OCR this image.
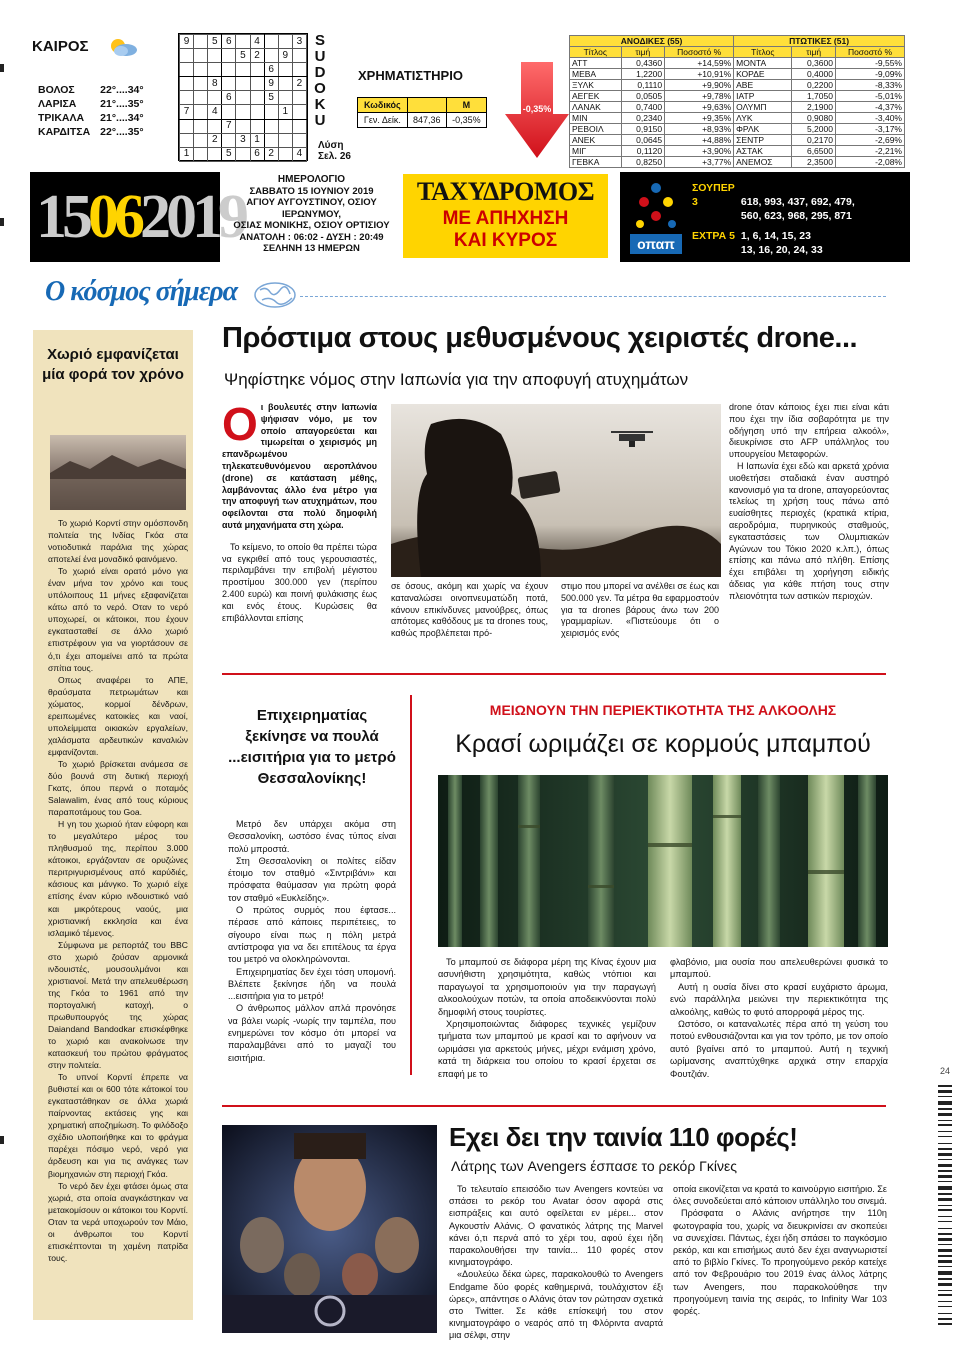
ΚΑΙΡΟΣ
ΒΟΛΟΣ	22°....34°
ΛΑΡΙΣΑ	21°....35°
ΤΡΙΚΑΛΑ	21°....34°
ΚΑΡΔΙΤΣΑ	22°....35°
9		5	6		4			3
				5	2		9	
						6		
		8				9		2
			6			5		
7		4					1	
			7					
		2		3	1			
1			5		6	2		4
S
U
D
O
K
U
Λύση
Σελ. 26
ΧΡΗΜΑΤΙΣΤΗΡΙΟ
Κωδικός		M
Γεν. Δείκ.	847,36	-0,35%
-0,35%
ΑΝΟΔΙΚΕΣ (55)			ΠΤΩΤΙΚΕΣ (51)		
Τίτλος	τιμή	Ποσοστό %	Τίτλος	τιμή	Ποσοστό %
ATT	0,4360	+14,59%	ΜΟΝΤΑ	0,3600	-9,55%
ΜΕΒΑ	1,2200	+10,91%	ΚΟΡΔΕ	0,4000	-9,09%
ΞΥΛΚ	0,1110	+9,90%	ΑΒΕ	0,2200	-8,33%
ΑΕΓΕΚ	0,0505	+9,78%	ΙΑΤΡ	1,7050	-5,01%
ΛΑΝΑΚ	0,7400	+9,63%	ΟΛΥΜΠ	2,1900	-4,37%
ΜΙΝ	0,2340	+9,35%	ΛΥΚ	0,9080	-3,40%
ΡΕΒΟΙΛ	0,9150	+8,93%	ΦΡΛΚ	5,2000	-3,17%
ΑΝΕΚ	0,0645	+4,88%	ΣΕΝΤΡ	0,2170	-2,69%
ΜΙΓ	0,1120	+3,90%	ΑΣΤΑΚ	6,6500	-2,21%
ΓΕΒΚΑ	0,8250	+3,77%	ΑΝΕΜΟΣ	2,3500	-2,08%
15062019
ΗΜΕΡΟΛΟΓΙΟ
ΣΑΒΒΑΤΟ 15 ΙΟΥΝΙΟΥ 2019
ΑΓΙΟΥ ΑΥΓΟΥΣΤΙΝΟΥ, ΟΣΙΟΥ ΙΕΡΩΝΥΜΟΥ,
ΟΣΙΑΣ ΜΟΝΙΚΗΣ, ΟΣΙΟΥ ΟΡΤΙΣΙΟΥ
ΑΝΑΤΟΛΗ : 06:02 - ΔΥΣΗ : 20:49
ΣΕΛΗΝΗ 13 ΗΜΕΡΩΝ
ΤΑΧΥΔΡΟΜΟΣ
ΜΕ ΑΠΗΧΗΣΗ
ΚΑΙ ΚΥΡΟΣ	οπαπ
ΣΟΥΠΕΡ 3	618, 993, 437, 692, 479,
560, 623, 968, 295, 871
ΕΧΤΡΑ 5 1, 6, 14, 15, 23
13, 16, 20, 24, 33
Ο κόσμος σήμερα
Χωριό εμφανίζεται μία φορά τον χρόνο

Το χωριό Κορντί στην ομόσπονδη πολιτεία της Ινδίας Γκόα στα νοτιοδυτικά παράλια της χώρας αποτελεί ένα μοναδικό φαινόμενο.

Το χωριό είναι ορατό μόνο για έναν μήνα τον χρόνο και τους υπόλοιπους 11 μήνες εξαφανίζεται κάτω από το νερό. Οταν το νερό υποχωρεί, οι κάτοικοι, που έχουν εγκατασταθεί σε άλλο χωριό επιστρέφουν για να γιορτάσουν σε ό,τι έχει απομείνει από τα πρώτα σπίτια τους.

Οπως αναφέρει το ΑΠΕ, θραύσματα πετρωμάτων και χώματος, κορμοί δένδρων, ερειπωμένες κατοικίες και ναοί, υπολείμματα οικιακών εργαλείων, χαλάσματα αρδευτικών καναλιών εμφανίζονται.

Το χωριό βρίσκεται ανάμεσα σε δύο βουνά στη δυτική περιοχή Γκατς, όπου περνά ο ποταμός Salawalim, ένας από τους κύριους παραποτάμους του Goa.

Η γη του χωριού ήταν εύφορη και το μεγαλύτερο μέρος του πληθυσμού της, περίπου 3.000 κάτοικοι, εργάζονταν σε ορυζώνες περιτριγυρισμένους από καρύδιές, κάσιους και μάνγκο. Το χωριό είχε επίσης έναν κύριο ινδουιστικό ναό και μικρότερους ναούς, μια χριστιανική εκκλησία και ένα ισλαμικό τέμενος.

Σύμφωνα με ρεπορτάζ του BBC στο χωριό ζούσαν αρμονικά ινδουιστές, μουσουλμάνοι και χριστιανοί. Μετά την απελευθέρωση της Γκόα το 1961 από την πορτογαλική κατοχή, ο πρωθυπουργός της χώρας Daiandand Bandodkar επισκέφθηκε το χωριό και ανακοίνωσε την κατασκευή του πρώτου φράγματος στην πολιτεία.

Το υπνοί Κορντί έπρεπε να βυθιστεί και οι 600 τότε κάτοικοί του εγκαταστάθηκαν σε άλλα χωριά παίρνοντας εκτάσεις γης και χρηματική αποζημίωση. Το φιλόδοξο σχέδιο υλοποιήθηκε και το φράγμα παρέχει πόσιμο νερό, νερό για άρδευση και για τις ανάγκες των βιομηχανιών στη περιοχή Γκόα.

Το νερό δεν έχει φτάσει όμως στα χωριά, στα οποία αναγκάστηκαν να μετακομίσουν οι κάτοικοι του Κορντί. Οταν τα νερά υποχωρούν τον Μάιο, οι άνθρωποι του Κορντί επισκέπτονται τη χαμένη πατρίδα τους.

Πρόστιμα στους μεθυσμένους χειριστές drone...
Ψηφίστηκε νόμος στην Ιαπωνία για την αποφυγή ατυχημάτων
Οι βουλευτές στην Ιαπωνία ψήφισαν νόμο, με τον οποίο απαγορεύεται και τιμωρείται ο χειρισμός μη επανδρωμένου τηλεκατευθυνόμενου αεροπλάνου (drone) σε κατάσταση μέθης, λαμβάνοντας άλλο ένα μέτρο για την αποφυγή των ατυχημάτων, που οφείλονται στα πολύ δημοφιλή αυτά μηχανήματα στη χώρα.

Το κείμενο, το οποίο θα πρέπει τώρα να εγκριθεί από τους γερουσιαστές, περιλαμβάνει την επιβολή μέγιστου προστίμου 300.000 γεν (περίπου 2.400 ευρώ) και ποινή φυλάκισης έως και ενός έτους. Κυρώσεις θα επιβάλλονται επίσης

σε όσους, ακόμη και χωρίς να έχουν καταναλώσει οινοπνευματώδη ποτά, κάνουν επικίνδυνες μανούβρες, όπως απότομες καθόδους με τα drones τους, καθώς προβλέπεται πρό-
στιμο που μπορεί να ανέλθει σε έως και 500.000 γεν. Τα μέτρα θα εφαρμοστούν για τα drones βάρους άνω των 200 γραμμαρίων. «Πιστεύουμε ότι ο χειρισμός ενός

drone όταν κάποιος έχει πιει είναι κάτι που έχει την ίδια σοβαρότητα με την οδήγηση υπό την επήρεια αλκοόλ», διευκρίνισε στο AFP υπάλληλος του υπουργείου Μεταφορών.

Η Ιαπωνία έχει εδώ και αρκετά χρόνια υιοθετήσει σταδιακά έναν αυστηρό κανονισμό για τα drone, απαγορεύοντας τελείως τη χρήση τους πάνω από ευαίσθητες περιοχές (κρατικά κτίρια, αεροδρόμια, πυρηνικούς σταθμούς, εγκαταστάσεις των Ολυμπιακών Αγώνων του Τόκιο 2020 κ.λπ.), όπως επίσης και πάνω από πλήθη. Επίσης έχει επιβάλει τη χορήγηση ειδικής άδειας για κάθε πτήση τους στην πλειονότητα των αστικών περιοχών.

Επιχειρηματίας ξεκίνησε να πουλά ...εισιτήρια για το μετρό Θεσσαλονίκης!

Μετρό δεν υπάρχει ακόμα στη Θεσσαλονίκη, ωστόσο ένας τύπος είναι πολύ μπροστά.

Στη Θεσσαλονίκη οι πολίτες είδαν έτοιμο τον σταθμό «Σιντριβάνι» και πρόσφατα θαύμασαν για πρώτη φορά τον σταθμό «Ευκλείδης».

Ο πρώτος συρμός που έφτασε... πέρασε από κάποιες περιπέτειες, το σίγουρο είναι πως η πόλη μετρά αντίστροφα για να δει επιτέλους τα έργα του μετρό να ολοκληρώνονται.

Επιχειρηματίας δεν έχει τόση υπομονή. Βλέπετε ξεκίνησε ήδη να πουλά ...εισιτήρια για το μετρό!

Ο άνθρωπος μάλλον απλά προνόησε να βάλει νωρίς -νωρίς την ταμπέλα, που ενημερώνει τον κόσμο ότι μπορεί να παραλαμβάνει από το μαγαζί του εισιτήρια.

ΜΕΙΩΝΟΥΝ ΤΗΝ ΠΕΡΙΕΚΤΙΚΟΤΗΤΑ ΤΗΣ ΑΛΚΟΟΛΗΣ
Κρασί ωριμάζει σε κορμούς μπαμπού

Το μπαμπού σε διάφορα μέρη της Κίνας έχουν μια ασυνήθιστη χρησιμότητα, καθώς ντόπιοι και παραγωγοί τα χρησιμοποιούν για την παραγωγή αλκοολούχων ποτών, τα οποία αποδεικνύονται πολύ δημοφιλή στους τουρίστες.

Χρησιμοποιώντας διάφορες τεχνικές γεμίζουν τμήματα των μπαμπού με κρασί και το αφήνουν να ωριμάσει για αρκετούς μήνες, μέχρι ενάμιση χρόνο, κατά τη διάρκεια του οποίου το κρασί έρχεται σε επαφή με το

φλαβόνιο, μια ουσία που απελευθερώνει φυσικά το μπαμπού.

Αυτή η ουσία δίνει στο κρασί ευχάριστο άρωμα, ενώ παράλληλα μειώνει την περιεκτικότητα της αλκοόλης, καθώς το φυτό απορροφά μέρος της.

Ωστόσο, οι καταναλωτές πέρα από τη γεύση του ποτού ενθουσιάζονται και για τον τρόπο, με τον οποίο αυτό βγαίνει από το μπαμπού. Αυτή η τεχνική ωρίμανσης αναπτύχθηκε αρχικά στην επαρχία Φουτζιάν.

Εχει δει την ταινία 110 φορές!
Λάτρης των Avengers έσπασε το ρεκόρ Γκίνες

Το τελευταίο επεισόδιο των Avengers κοντεύει να σπάσει το ρεκόρ του Avatar όσον αφορά στις εισπράξεις και αυτό οφείλεται εν μέρει... στον Αγκουστίν Αλάνις. Ο φανατικός λάτρης της Marvel κάνει ό,τι περνά από το χέρι του, αφού έχει ήδη παρακολουθήσει την ταινία... 110 φορές στον κινηματογράφο.

«Δουλεύω δέκα ώρες, παρακολουθώ το Avengers Endgame δύο φορές καθημερινά, τουλάχιστον έξι ώρες», απάντησε ο Αλάνις όταν τον ρώτησαν σχετικά στο Twitter. Σε κάθε επίσκεψή του στον κινηματογράφο ο νεαρός από τη Φλόριντα αναρτά μια σέλφι, στην

οποία εικονίζεται να κρατά το καινούργιο εισιτήριο. Σε όλες συνοδεύεται από κάποιον υπάλληλο του σινεμά.

Πρόσφατα ο Αλάνις ανήρτησε την 110η φωτογραφία του, χωρίς να διευκρινίσει αν σκοπεύει να συνεχίσει. Πάντως, έχει ήδη σπάσει το παγκόσμιο ρεκόρ, και και επισήμως αυτό δεν έχει αναγνωριστεί από το βιβλίο Γκίνες. Το προηγούμενο ρεκόρ κατείχε από τον Φεβρουάριο του 2019 ένας άλλος λάτρης των Avengers, που παρακολούθησε την προηγούμενη ταινία της σειράς, το Infinity War 103 φορές.

24
